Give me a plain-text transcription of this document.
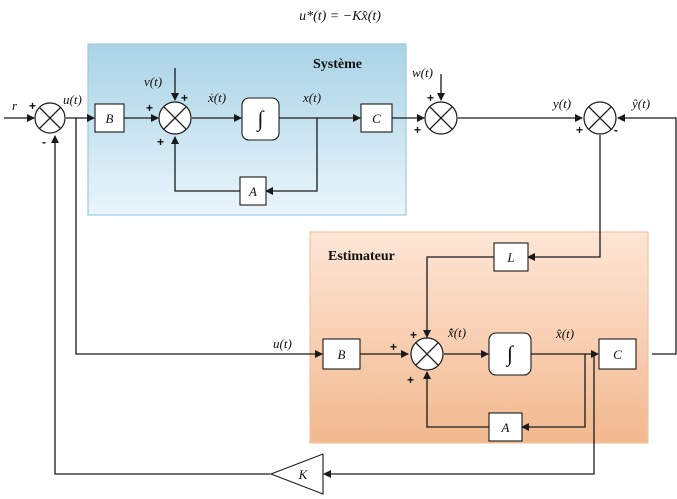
u*(t) = −Kx̂(t)
Système
Estimateur
B	∫	C
A
L
B	∫	C
A
K
r	u(t)
v(t)
ẋ(t)	x(t)
w(t)
y(t)	ŷ(t)
u(t)
x̂̇(t)	x̂(t)
+
-
+
+
+
+
+	+	-
+
+
+
